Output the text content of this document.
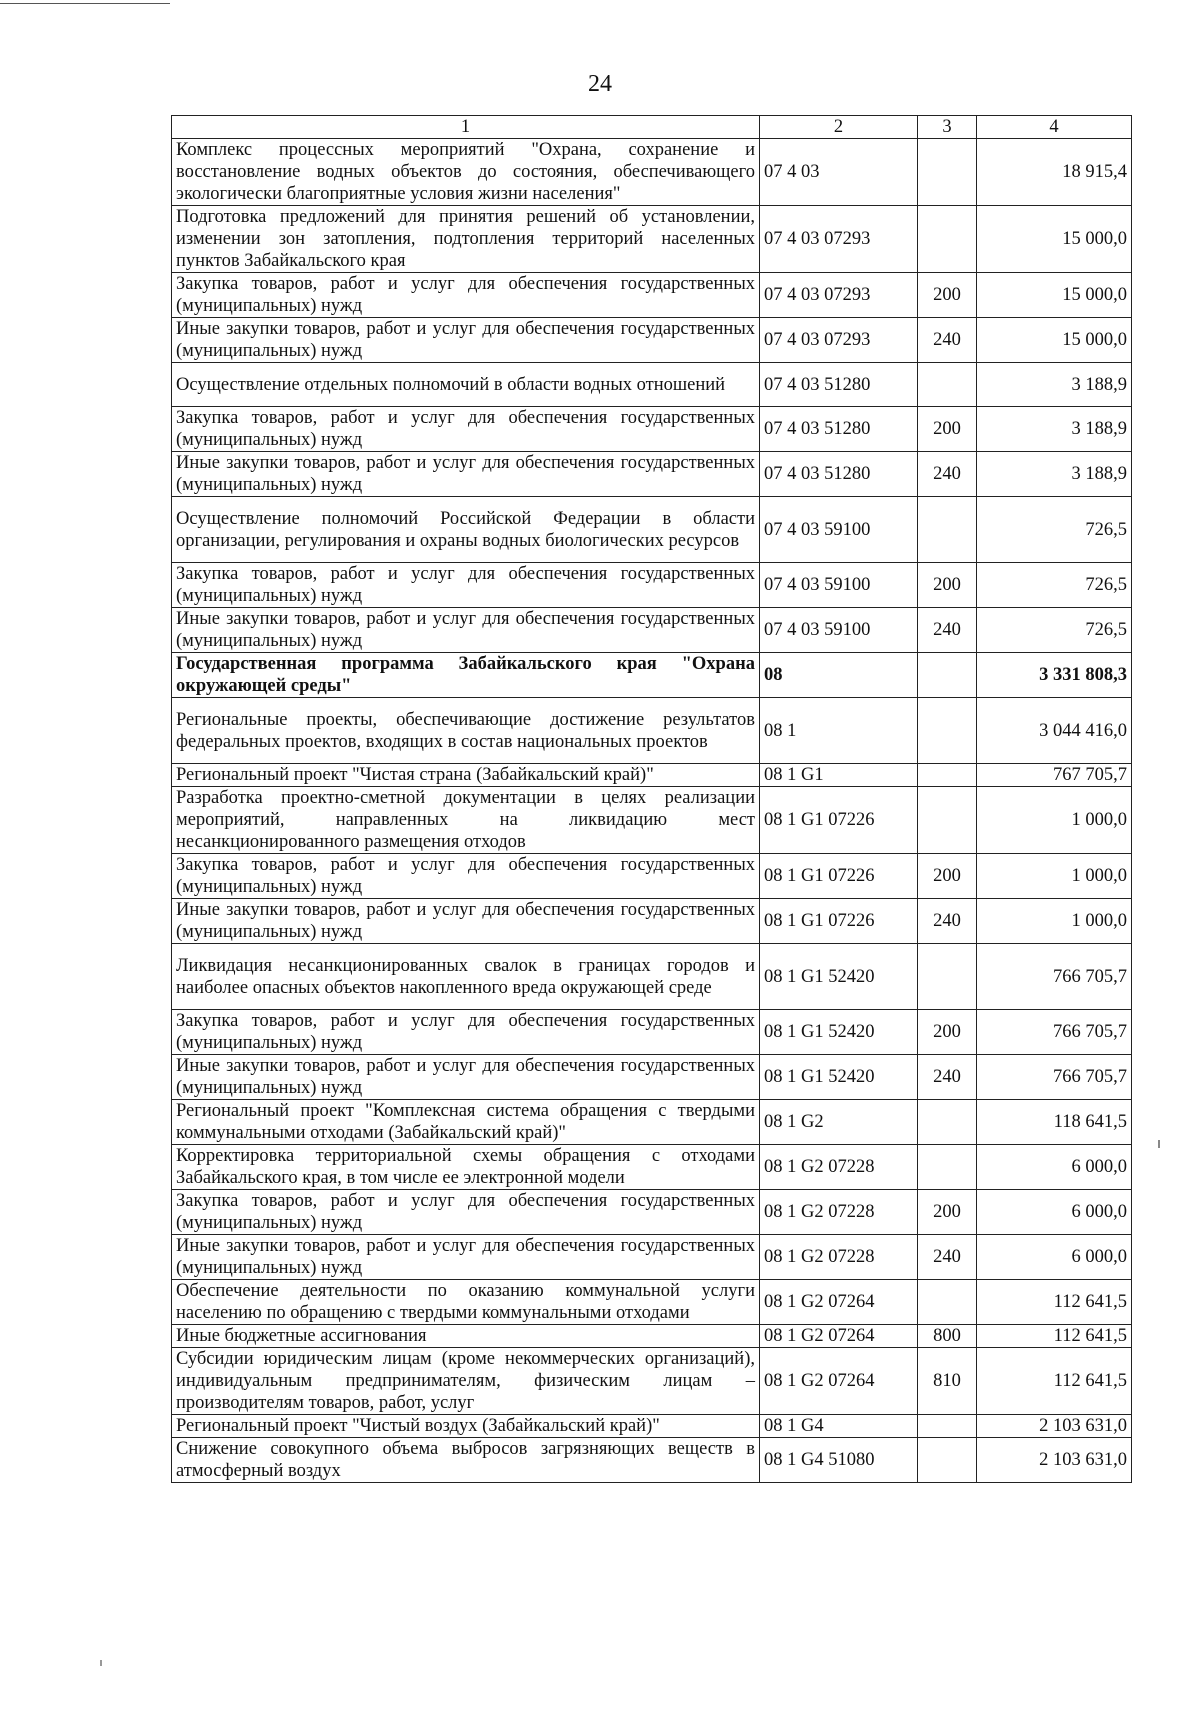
24
1	2	3	4
Комплекс процессных мероприятий "Охрана, сохранение и восстановление водных объектов до состояния, обеспечивающего экологически благоприятные условия жизни населения"	07 4 03		18 915,4
Подготовка предложений для принятия решений об установлении, изменении зон затопления, подтопления территорий населенных пунктов Забайкальского края	07 4 03 07293		15 000,0
Закупка товаров, работ и услуг для обеспечения государственных (муниципальных) нужд	07 4 03 07293	200	15 000,0
Иные закупки товаров, работ и услуг для обеспечения государственных (муниципальных) нужд	07 4 03 07293	240	15 000,0
Осуществление отдельных полномочий в области водных отношений	07 4 03 51280		3 188,9
Закупка товаров, работ и услуг для обеспечения государственных (муниципальных) нужд	07 4 03 51280	200	3 188,9
Иные закупки товаров, работ и услуг для обеспечения государственных (муниципальных) нужд	07 4 03 51280	240	3 188,9
Осуществление полномочий Российской Федерации в области организации, регулирования и охраны водных биологических ресурсов	07 4 03 59100		726,5
Закупка товаров, работ и услуг для обеспечения государственных (муниципальных) нужд	07 4 03 59100	200	726,5
Иные закупки товаров, работ и услуг для обеспечения государственных (муниципальных) нужд	07 4 03 59100	240	726,5
Государственная программа Забайкальского края "Охрана окружающей среды"	08		3 331 808,3
Региональные проекты, обеспечивающие достижение результатов федеральных проектов, входящих в состав национальных проектов	08 1		3 044 416,0
Региональный проект "Чистая страна (Забайкальский край)"	08 1 G1		767 705,7
Разработка проектно-сметной документации в целях реализации мероприятий, направленных на ликвидацию мест несанкционированного размещения отходов	08 1 G1 07226		1 000,0
Закупка товаров, работ и услуг для обеспечения государственных (муниципальных) нужд	08 1 G1 07226	200	1 000,0
Иные закупки товаров, работ и услуг для обеспечения государственных (муниципальных) нужд	08 1 G1 07226	240	1 000,0
Ликвидация несанкционированных свалок в границах городов и наиболее опасных объектов накопленного вреда окружающей среде	08 1 G1 52420		766 705,7
Закупка товаров, работ и услуг для обеспечения государственных (муниципальных) нужд	08 1 G1 52420	200	766 705,7
Иные закупки товаров, работ и услуг для обеспечения государственных (муниципальных) нужд	08 1 G1 52420	240	766 705,7
Региональный проект "Комплексная система обращения с твердыми коммунальными отходами (Забайкальский край)"	08 1 G2		118 641,5
Корректировка территориальной схемы обращения с отходами Забайкальского края, в том числе ее электронной модели	08 1 G2 07228		6 000,0
Закупка товаров, работ и услуг для обеспечения государственных (муниципальных) нужд	08 1 G2 07228	200	6 000,0
Иные закупки товаров, работ и услуг для обеспечения государственных (муниципальных) нужд	08 1 G2 07228	240	6 000,0
Обеспечение деятельности по оказанию коммунальной услуги населению по обращению с твердыми коммунальными отходами	08 1 G2 07264		112 641,5
Иные бюджетные ассигнования	08 1 G2 07264	800	112 641,5
Субсидии юридическим лицам (кроме некоммерческих организаций), индивидуальным предпринимателям, физическим лицам – производителям товаров, работ, услуг	08 1 G2 07264	810	112 641,5
Региональный проект "Чистый воздух (Забайкальский край)"	08 1 G4		2 103 631,0
Снижение совокупного объема выбросов загрязняющих веществ в атмосферный воздух	08 1 G4 51080		2 103 631,0
